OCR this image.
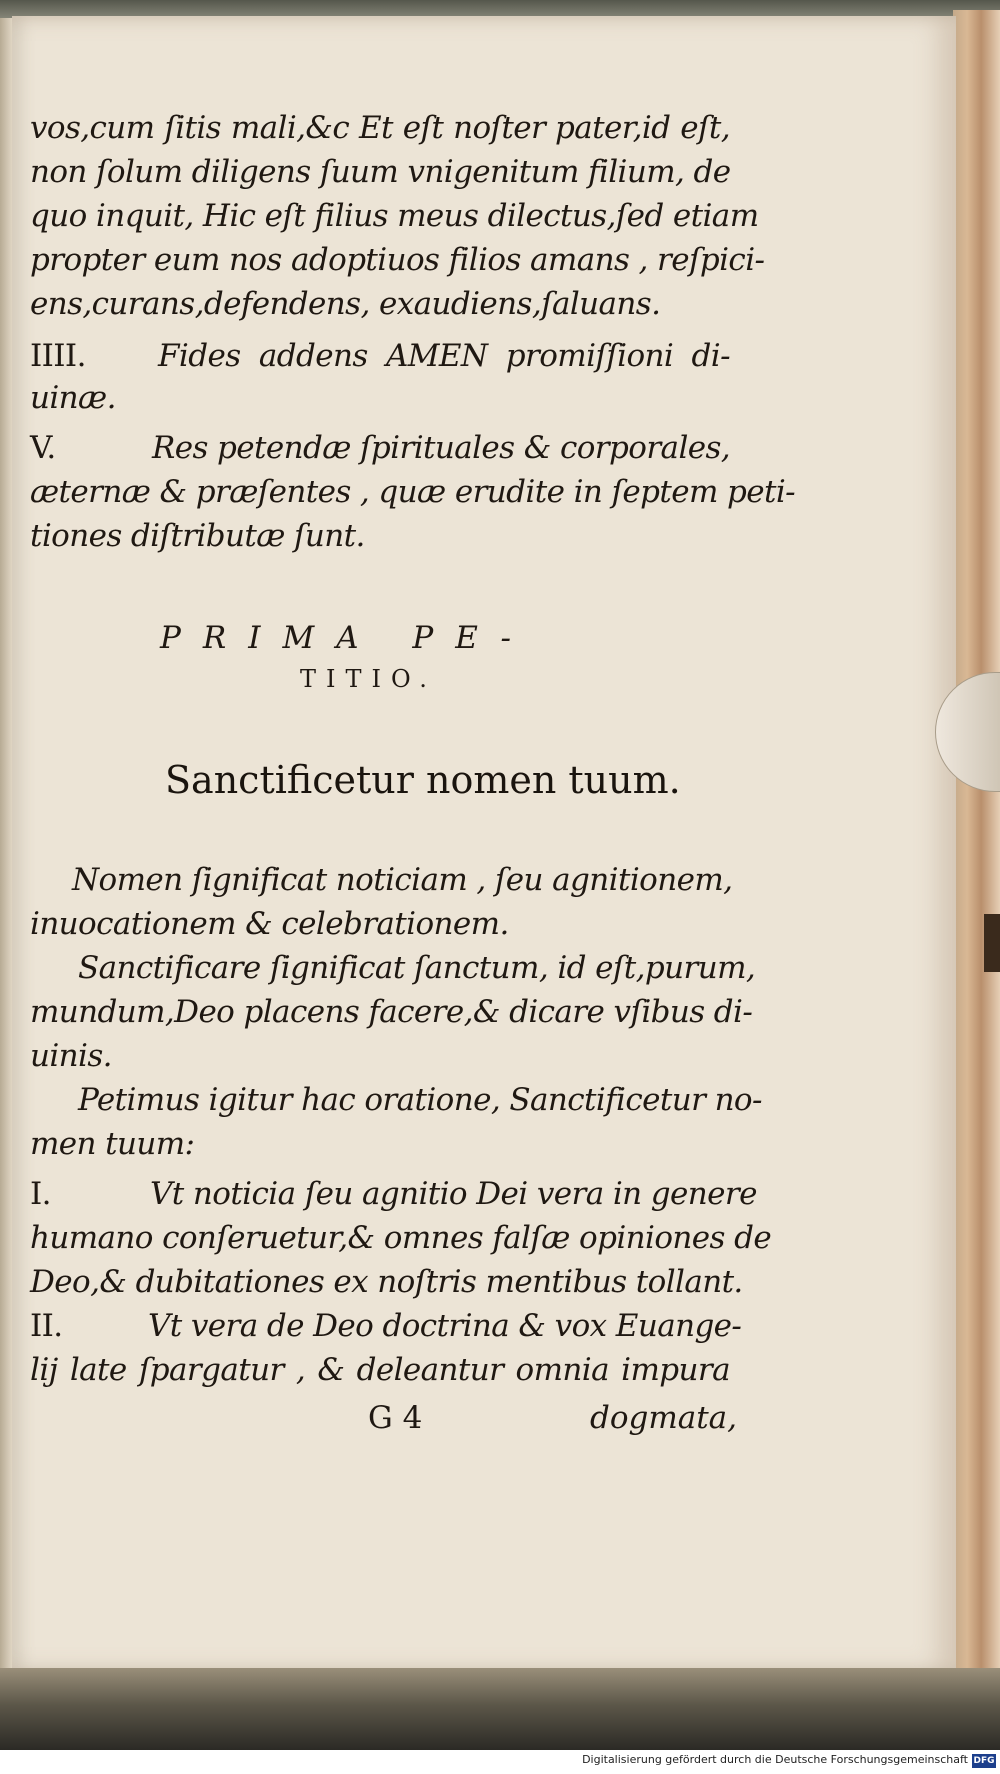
vos,cum ſitis mali,&c Et eſt noſter pater,id eſt,

non ſolum diligens ſuum vnigenitum filium, de

quo inquit, Hic eſt filius meus dilectus,ſed etiam

propter eum nos adoptiuos filios amans , reſpici-

ens,curans,defendens, exaudiens,ſaluans.

IIII.	Fides addens AMEN promiſſioni di-

uinæ.

V.	Res petendæ ſpirituales & corporales,

æternæ & præſentes , quæ erudite in ſeptem peti-

tiones diſtributæ ſunt.

PRIMA PE-

TITIO.

Sanctificetur nomen tuum.

Nomen ſignificat noticiam , ſeu agnitionem,

inuocationem & celebrationem.

Sanctificare ſignificat ſanctum, id eſt,purum,

mundum,Deo placens facere,& dicare vſibus di-

uinis.

Petimus igitur hac oratione, Sanctificetur no-

men tuum:

I.	Vt noticia ſeu agnitio Dei vera in genere

humano conſeruetur,& omnes falſæ opiniones de

Deo,& dubitationes ex noſtris mentibus tollant.

II.	Vt vera de Deo doctrina & vox Euange-

lij late ſpargatur , & deleantur omnia impura

G 4	dogmata,
Digitalisierung gefördert durch die Deutsche Forschungsgemeinschaft DFG
